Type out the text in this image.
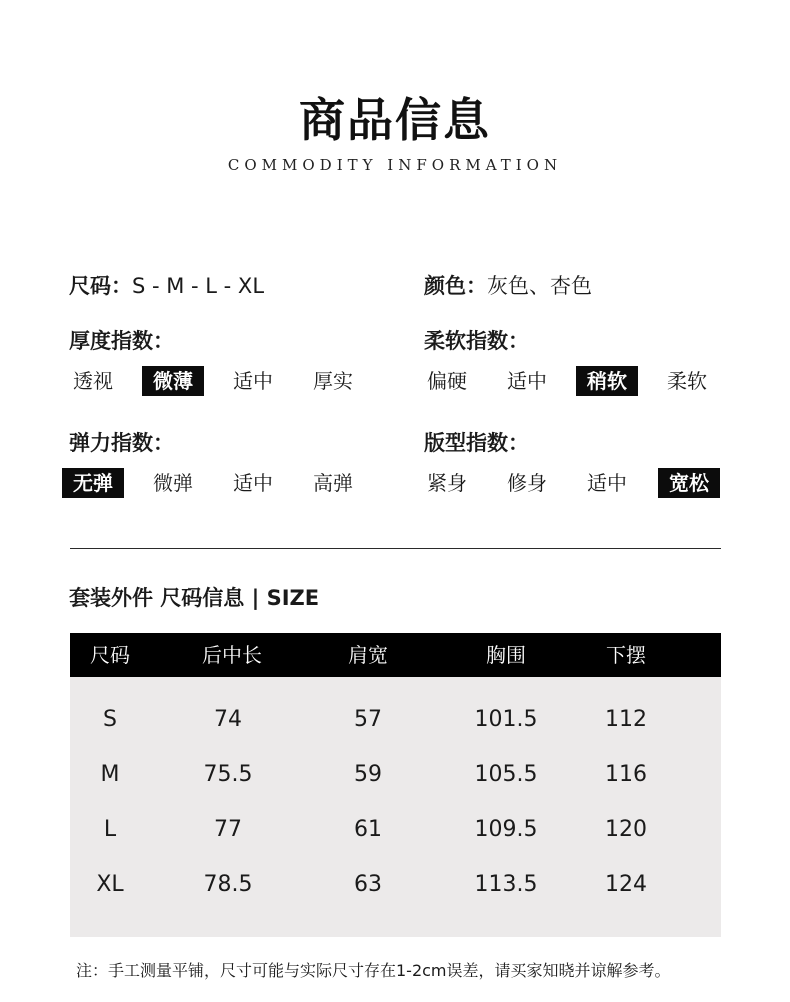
商品信息
COMMODITY INFORMATION
尺码：S - M - L - XL	颜色：灰色、杏色
厚度指数：
透视	微薄	适中	厚实
柔软指数：
偏硬	适中	稍软	柔软
弹力指数：
无弹	微弹	适中	高弹
版型指数：
紧身	修身	适中	宽松
套装外件 尺码信息 | SIZE
尺码	后中长	肩宽	胸围	下摆
S	74	57	101.5	112
M	75.5	59	105.5	116
L	77	61	109.5	120
XL	78.5	63	113.5	124
注：手工测量平铺，尺寸可能与实际尺寸存在1-2cm误差，请买家知晓并谅解参考。
